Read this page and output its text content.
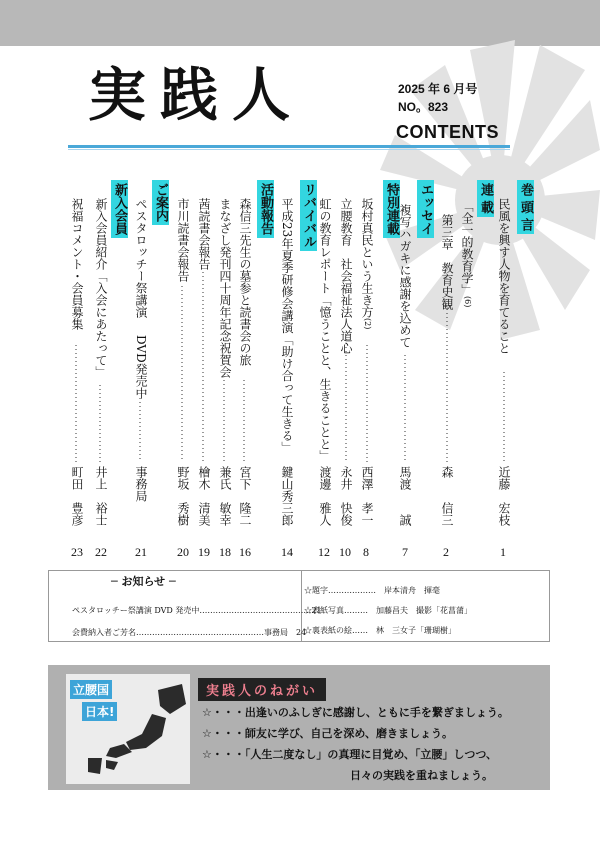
実践人	2025 年 6 月号
NO。823
CONTENTS
巻 頭 言
連 載
エッセイ
特別連載
リバイバル
活動報告
ご案内
新入会員	民風を興す人物を育てること
「全一的教育学」(6)
第三章　教育史観
複写ハガキに感謝を込めて
坂村真民という生き方(2)
立腰教育　社会福祉法人道心
虹の教育レポート「憶うことと、生きることと」
平成23年夏季研修会講演「助け合って生きる」
森信三先生の墓参と読書会の旅
まなざし発刊四十周年記念祝賀会
茜読書会報告
市川読書会報告
ペスタロッチー祭講演
DVD発売中
新入会員紹介「入会にあたって」
祝福コメント・会員募集
近藤　宏枝
森　　信三
馬渡　　誠
西澤　孝一
永井　快俊
渡邊　雅人
鍵山秀三郎
宮下　隆二
兼氏　敏幸
檜木　清美
野坂　秀樹
事務局
井上　裕士
町田　豊彦
1
2
7
8
10
12
14
16
18
19
20
21
22
23
─ お知らせ ─
ペスタロッチー祭講演 DVD 発売中……………………………………21
会費納入者ご芳名…………………………………………事務局　24
☆題字………………　岸本清舟　揮毫
☆表紙写真………　加藤昌夫　撮影「花菖蒲」
☆裏表紙の絵……　林　三女子「珊瑚樹」
立腰国
日本!
実践人のねがい
☆・・・出逢いのふしぎに感謝し、ともに手を繋ぎましょう。
☆・・・師友に学び、自己を深め、磨きましょう。
☆・・・「人生二度なし」の真理に目覚め、「立腰」しつつ、
日々の実践を重ねましょう。
